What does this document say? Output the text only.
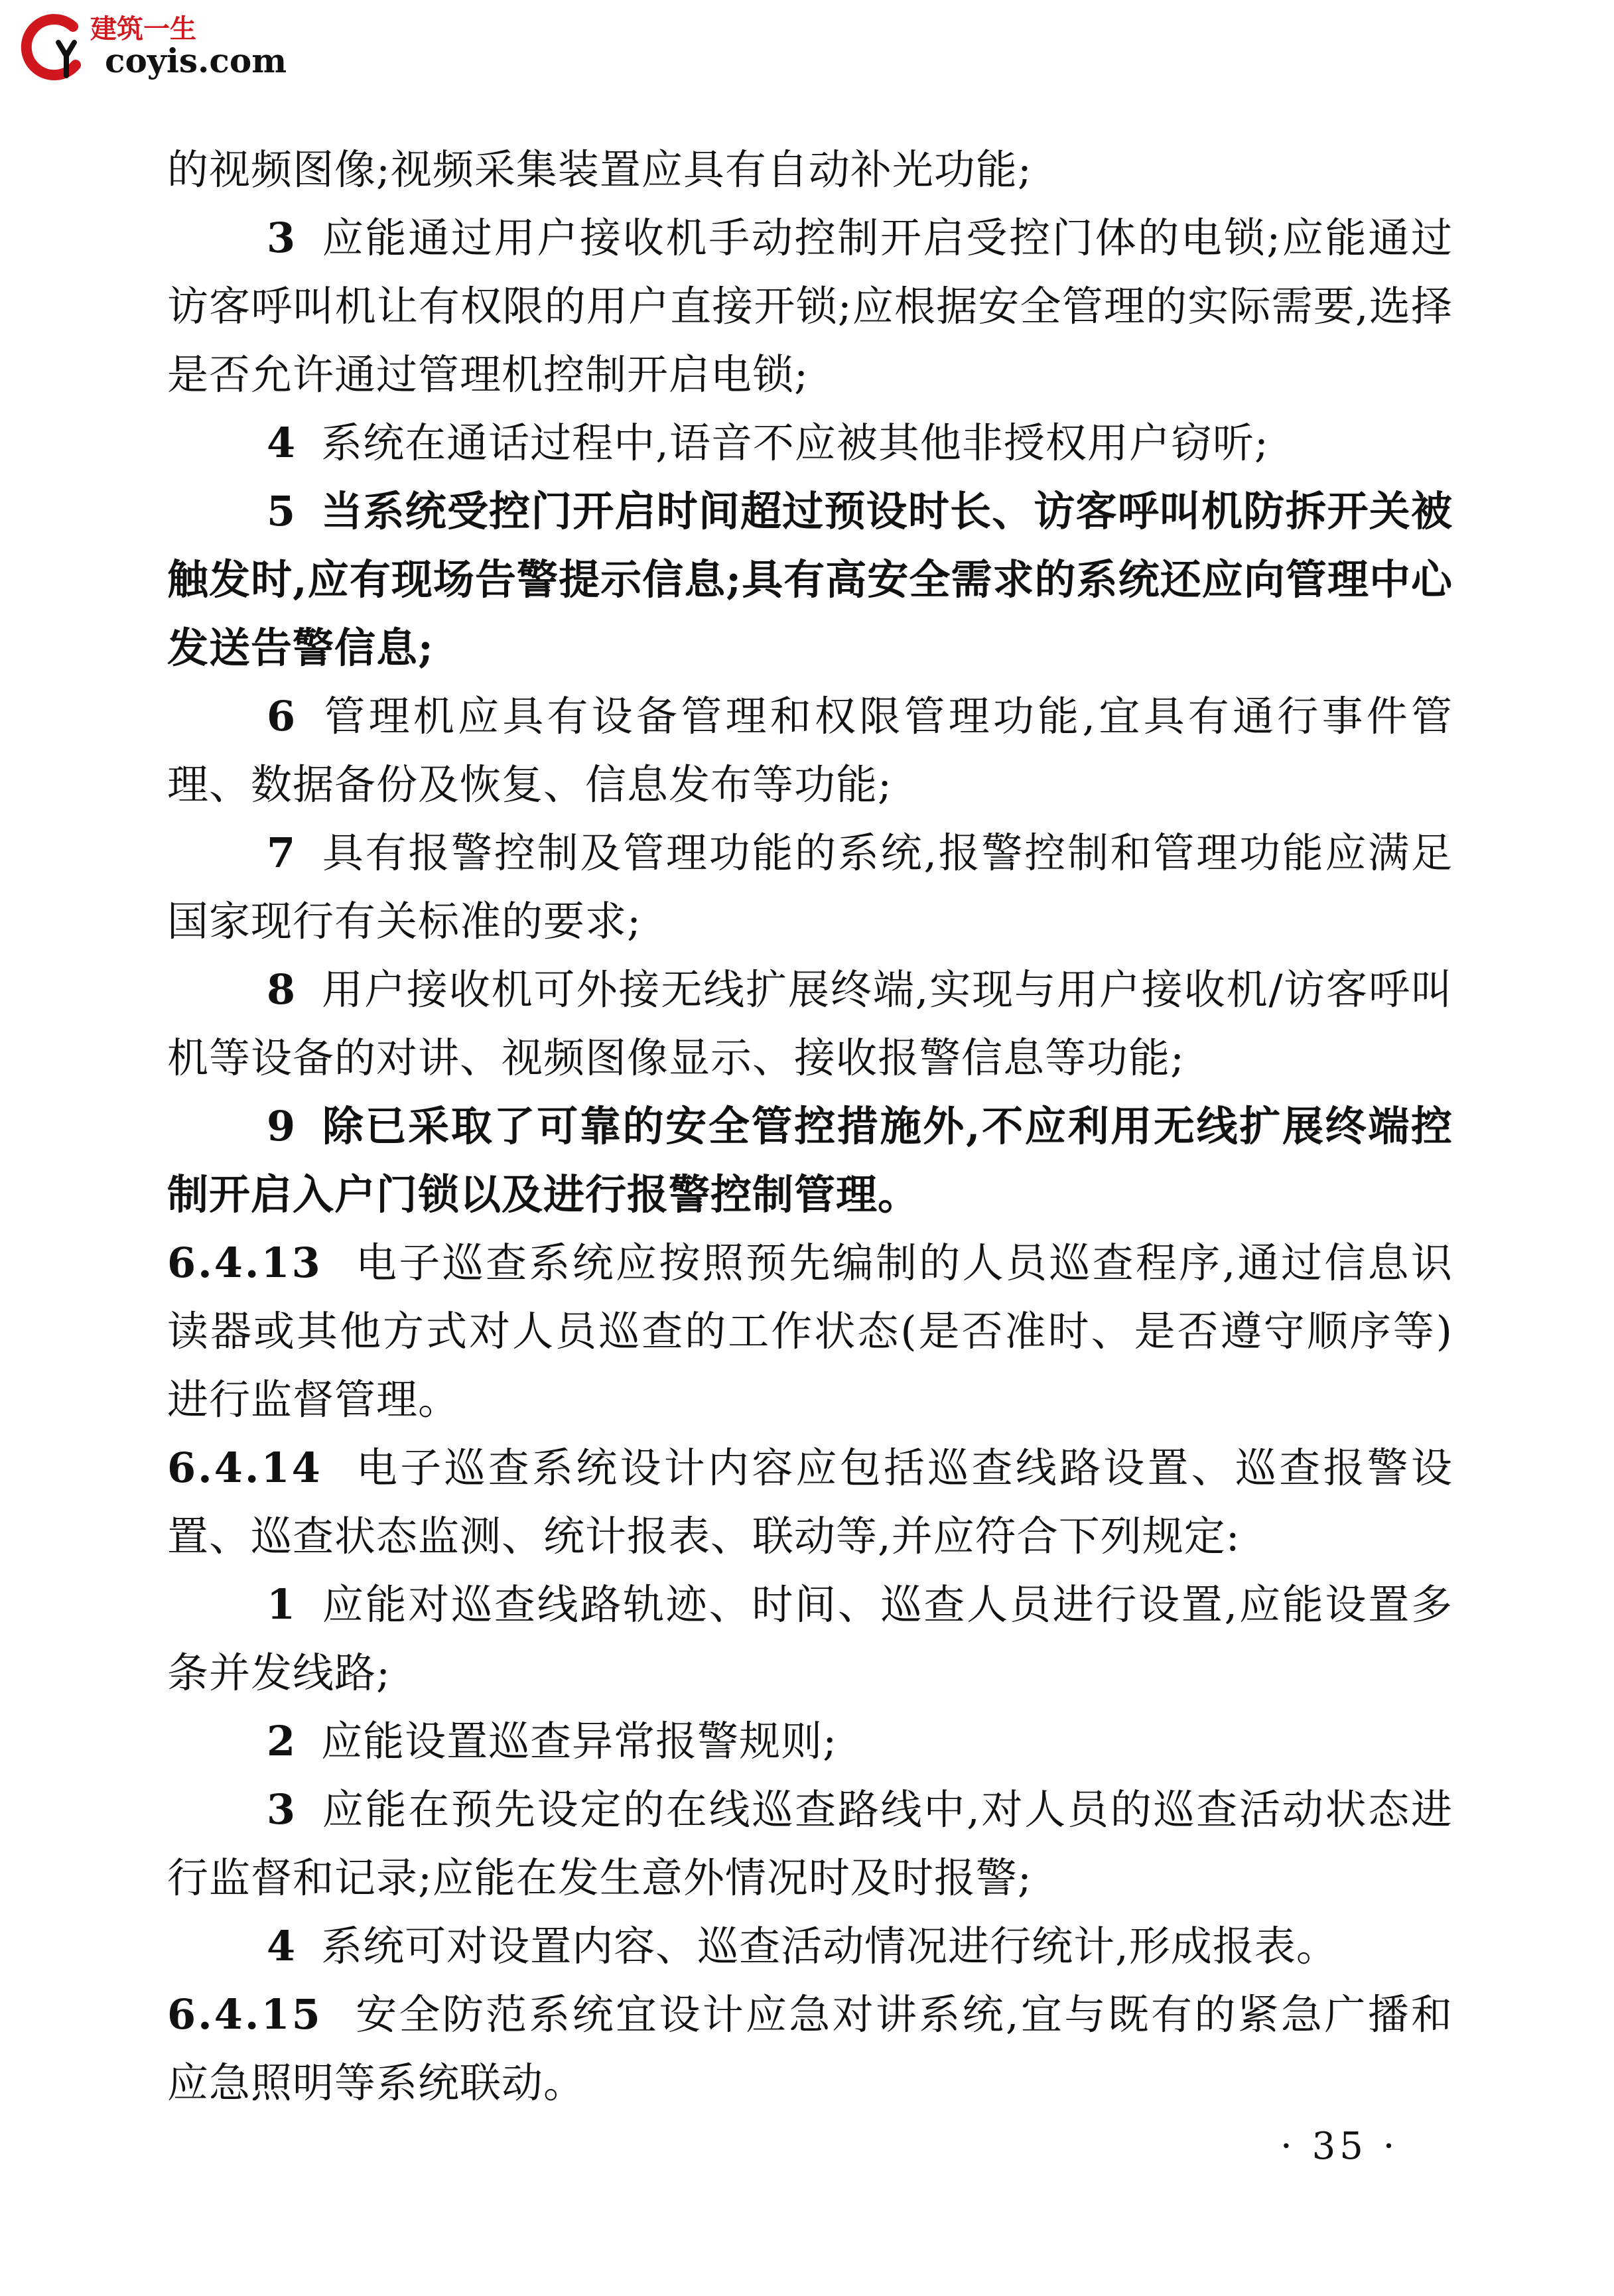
建筑一生
coyis.com

的视频图像;视频采集装置应具有自动补光功能;

3 应能通过用户接收机手动控制开启受控门体的电锁;应能通过访客呼叫机让有权限的用户直接开锁;应根据安全管理的实际需要,选择是否允许通过管理机控制开启电锁;

4 系统在通话过程中,语音不应被其他非授权用户窃听;

5 当系统受控门开启时间超过预设时长、访客呼叫机防拆开关被触发时,应有现场告警提示信息;具有高安全需求的系统还应向管理中心发送告警信息;

6 管理机应具有设备管理和权限管理功能,宜具有通行事件管理、数据备份及恢复、信息发布等功能;

7 具有报警控制及管理功能的系统,报警控制和管理功能应满足国家现行有关标准的要求;

8 用户接收机可外接无线扩展终端,实现与用户接收机/访客呼叫机等设备的对讲、视频图像显示、接收报警信息等功能;

9 除已采取了可靠的安全管控措施外,不应利用无线扩展终端控制开启入户门锁以及进行报警控制管理。

6.4.13 电子巡查系统应按照预先编制的人员巡查程序,通过信息识读器或其他方式对人员巡查的工作状态(是否准时、是否遵守顺序等)进行监督管理。

6.4.14 电子巡查系统设计内容应包括巡查线路设置、巡查报警设置、巡查状态监测、统计报表、联动等,并应符合下列规定:

1 应能对巡查线路轨迹、时间、巡查人员进行设置,应能设置多条并发线路;

2 应能设置巡查异常报警规则;

3 应能在预先设定的在线巡查路线中,对人员的巡查活动状态进行监督和记录;应能在发生意外情况时及时报警;

4 系统可对设置内容、巡查活动情况进行统计,形成报表。

6.4.15 安全防范系统宜设计应急对讲系统,宜与既有的紧急广播和应急照明等系统联动。

· 35 ·
